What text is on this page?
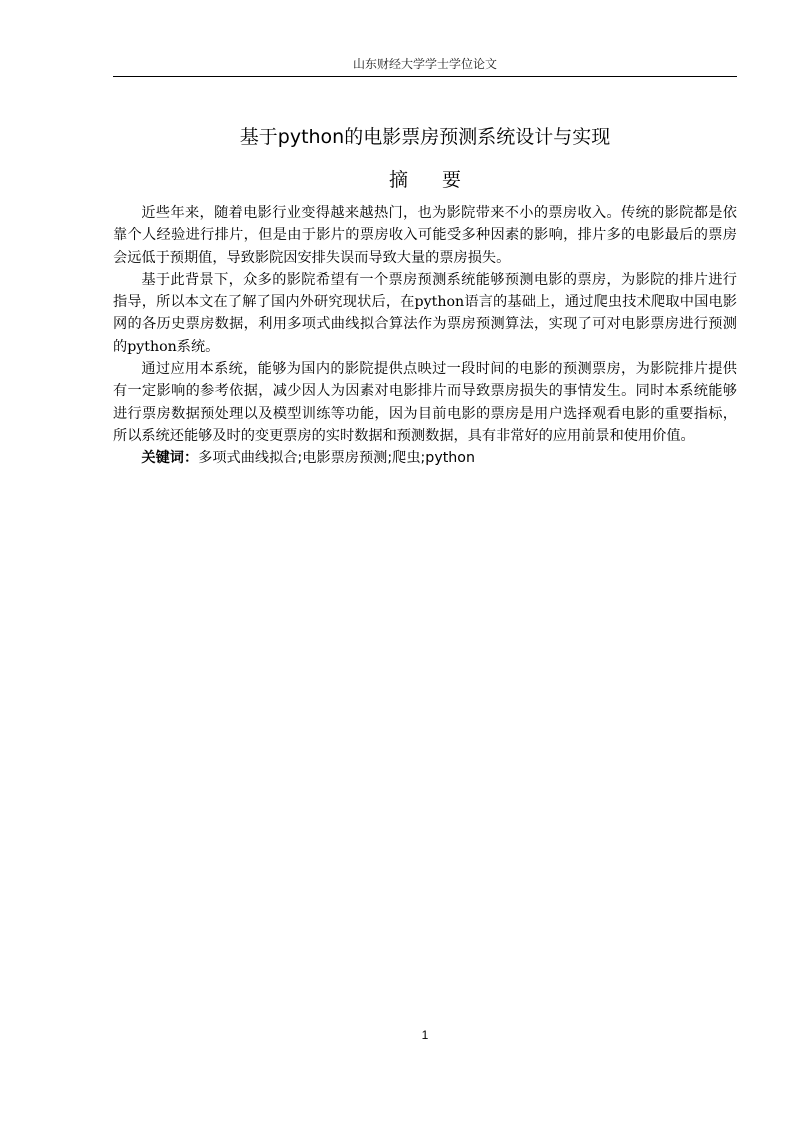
山东财经大学学士学位论文
基于python的电影票房预测系统设计与实现
摘 要

近些年来，随着电影行业变得越来越热门，也为影院带来不小的票房收入。传统的影院都是依靠个人经验进行排片，但是由于影片的票房收入可能受多种因素的影响，排片多的电影最后的票房会远低于预期值，导致影院因安排失误而导致大量的票房损失。

基于此背景下，众多的影院希望有一个票房预测系统能够预测电影的票房，为影院的排片进行指导，所以本文在了解了国内外研究现状后，在python语言的基础上，通过爬虫技术爬取中国电影网的各历史票房数据，利用多项式曲线拟合算法作为票房预测算法，实现了可对电影票房进行预测的python系统。

通过应用本系统，能够为国内的影院提供点映过一段时间的电影的预测票房，为影院排片提供有一定影响的参考依据，减少因人为因素对电影排片而导致票房损失的事情发生。同时本系统能够进行票房数据预处理以及模型训练等功能，因为目前电影的票房是用户选择观看电影的重要指标，所以系统还能够及时的变更票房的实时数据和预测数据，具有非常好的应用前景和使用价值。

关键词：多项式曲线拟合;电影票房预测;爬虫;python

1
